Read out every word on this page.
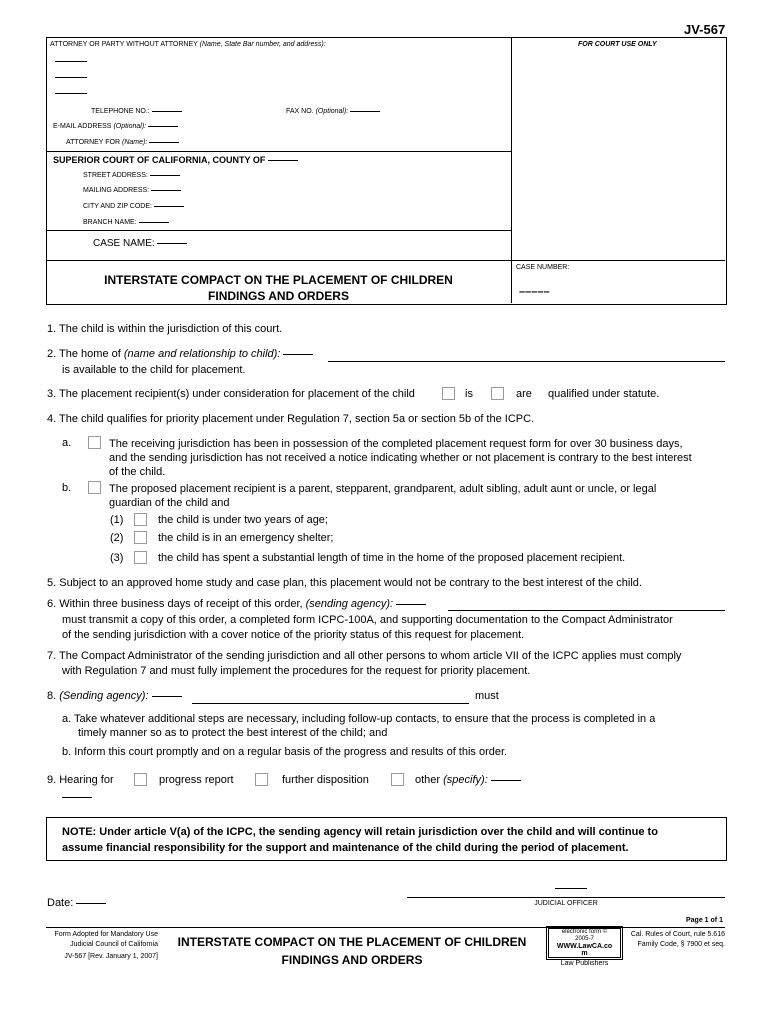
JV-567
ATTORNEY OR PARTY WITHOUT ATTORNEY (Name, State Bar number, and address):	FOR COURT USE ONLY
TELEPHONE NO.:	FAX NO. (Optional):
E-MAIL ADDRESS (Optional):
ATTORNEY FOR (Name):
SUPERIOR COURT OF CALIFORNIA, COUNTY OF
STREET ADDRESS:
MAILING ADDRESS:
CITY AND ZIP CODE:
BRANCH NAME:
CASE NAME:
CASE NUMBER:
–––––
INTERSTATE COMPACT ON THE PLACEMENT OF CHILDREN
FINDINGS AND ORDERS
1. The child is within the jurisdiction of this court.
2. The home of (name and relationship to child):
is available to the child for placement.
3. The placement recipient(s) under consideration for placement of the child	is	are qualified under statute.
4. The child qualifies for priority placement under Regulation 7, section 5a or section 5b of the ICPC.
a.	The receiving jurisdiction has been in possession of the completed placement request form for over 30 business days,
and the sending jurisdiction has not received a notice indicating whether or not placement is contrary to the best interest
of the child.
b.	The proposed placement recipient is a parent, stepparent, grandparent, adult sibling, adult aunt or uncle, or legal
guardian of the child and
(1)	the child is under two years of age;
(2)	the child is in an emergency shelter;
(3)	the child has spent a substantial length of time in the home of the proposed placement recipient.
5. Subject to an approved home study and case plan, this placement would not be contrary to the best interest of the child.
6. Within three business days of receipt of this order, (sending agency):
must transmit a copy of this order, a completed form ICPC-100A, and supporting documentation to the Compact Administrator
of the sending jurisdiction with a cover notice of the priority status of this request for placement.
7. The Compact Administrator of the sending jurisdiction and all other persons to whom article VII of the ICPC applies must comply
with Regulation 7 and must fully implement the procedures for the request for priority placement.
8. (Sending agency):	must
a. Take whatever additional steps are necessary, including follow-up contacts, to ensure that the process is completed in a
timely manner so as to protect the best interest of the child; and
b. Inform this court promptly and on a regular basis of the progress and results of this order.
9. Hearing for	progress report	further disposition	other (specify):
NOTE: Under article V(a) of the ICPC, the sending agency will retain jurisdiction over the child and will continue to
assume financial responsibility for the support and maintenance of the child during the period of placement.
Date:	JUDICIAL OFFICER
Page 1 of 1
Form Adopted for Mandatory Use
Judicial Council of California
JV-567 [Rev. January 1, 2007]
INTERSTATE COMPACT ON THE PLACEMENT OF CHILDREN
FINDINGS AND ORDERS
electronic form ©
2005-7
WWW.LawCA.co
m
Law Publishers
Cal. Rules of Court, rule 5.616
Family Code, § 7900 et seq.
